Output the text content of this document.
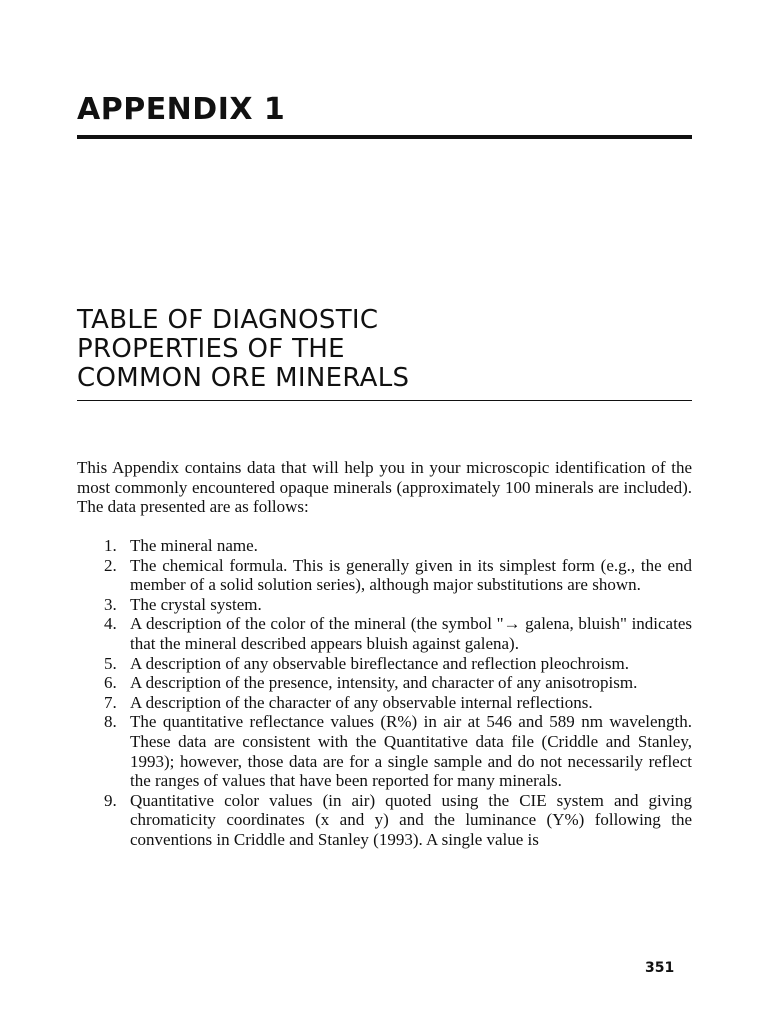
APPENDIX 1
TABLE OF DIAGNOSTIC
PROPERTIES OF THE
COMMON ORE MINERALS

This Appendix contains data that will help you in your microscopic identification of the most commonly encountered opaque minerals (approximately 100 minerals are included). The data presented are as follows:

1. The mineral name.
2. The chemical formula. This is generally given in its simplest form (e.g., the end member of a solid solution series), although major substitutions are shown.
3. The crystal system.
4. A description of the color of the mineral (the symbol "→ galena, bluish" indicates that the mineral described appears bluish against galena).
5. A description of any observable bireflectance and reflection pleochroism.
6. A description of the presence, intensity, and character of any anisotropism.
7. A description of the character of any observable internal reflections.
8. The quantitative reflectance values (R%) in air at 546 and 589 nm wavelength. These data are consistent with the Quantitative data file (Criddle and Stanley, 1993); however, those data are for a single sample and do not necessarily reflect the ranges of values that have been reported for many minerals.
9. Quantitative color values (in air) quoted using the CIE system and giving chromaticity coordinates (x and y) and the luminance (Y%) following the conventions in Criddle and Stanley (1993). A single value is
351
